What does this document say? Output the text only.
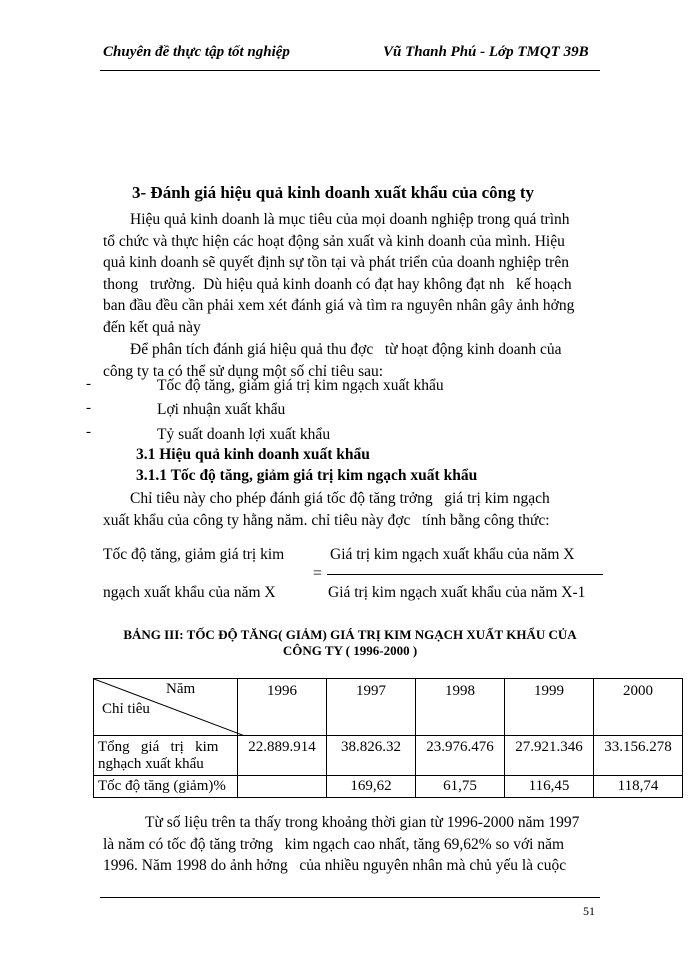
Chuyên đề thực tập tốt nghiệp	Vũ Thanh Phú - Lớp TMQT 39B
3- Đánh giá hiệu quả kinh doanh xuất khẩu của công ty
Hiệu quả kinh doanh là mục tiêu của mọi doanh nghiệp trong quá trình
tổ chức và thực hiện các hoạt động sản xuất và kinh doanh của mình. Hiệu
quả kinh doanh sẽ quyết định sự tồn tại và phát triển của doanh nghiệp trên
thong   trường.  Dù hiệu quả kinh doanh có đạt hay không đạt nh   kế hoạch
ban đầu đều cần phải xem xét đánh giá và tìm ra nguyên nhân gây ảnh hởng
đến kết quả này
Để phân tích đánh giá hiệu quả thu đợc   từ hoạt động kinh doanh của
công ty ta có thể sử dụng một số chỉ tiêu sau:
-	Tốc độ tăng, giảm giá trị kim ngạch xuất khẩu
-	Lợi nhuận xuất khẩu
-	Tỷ suất doanh lợi xuất khẩu
3.1 Hiệu quả kinh doanh xuất khẩu
3.1.1 Tốc độ tăng, giảm giá trị kim ngạch xuất khẩu
Chỉ tiêu này cho phép đánh giá tốc độ tăng trởng   giá trị kim ngạch
xuất khẩu của công ty hằng năm. chỉ tiêu này đợc   tính bằng công thức:
Tốc độ tăng, giảm giá trị kim
ngạch xuất khẩu của năm X
=
Giá trị kim ngạch xuất khẩu của năm X
Giá trị kim ngạch xuất khẩu của năm X-1
BẢNG III: TỐC ĐỘ TĂNG( GIẢM) GIÁ TRỊ KIM NGẠCH XUẤT KHẨU CỦA
CÔNG TY ( 1996-2000 )
Năm
Chỉ tiêu	1996	1997	1998	1999	2000

Tổng   giá   trị   kim
nghạch xuất khẩu	22.889.914	38.826.32	23.976.476	27.921.346	33.156.278
Tốc độ tăng (giảm)%		169,62	61,75	116,45	118,74
Từ số liệu trên ta thấy trong khoảng thời gian từ 1996-2000 năm 1997
là năm có tốc độ tăng trởng   kim ngạch cao nhất, tăng 69,62% so với năm
1996. Năm 1998 do ảnh hởng   của nhiều nguyên nhân mà chủ yếu là cuộc
51
